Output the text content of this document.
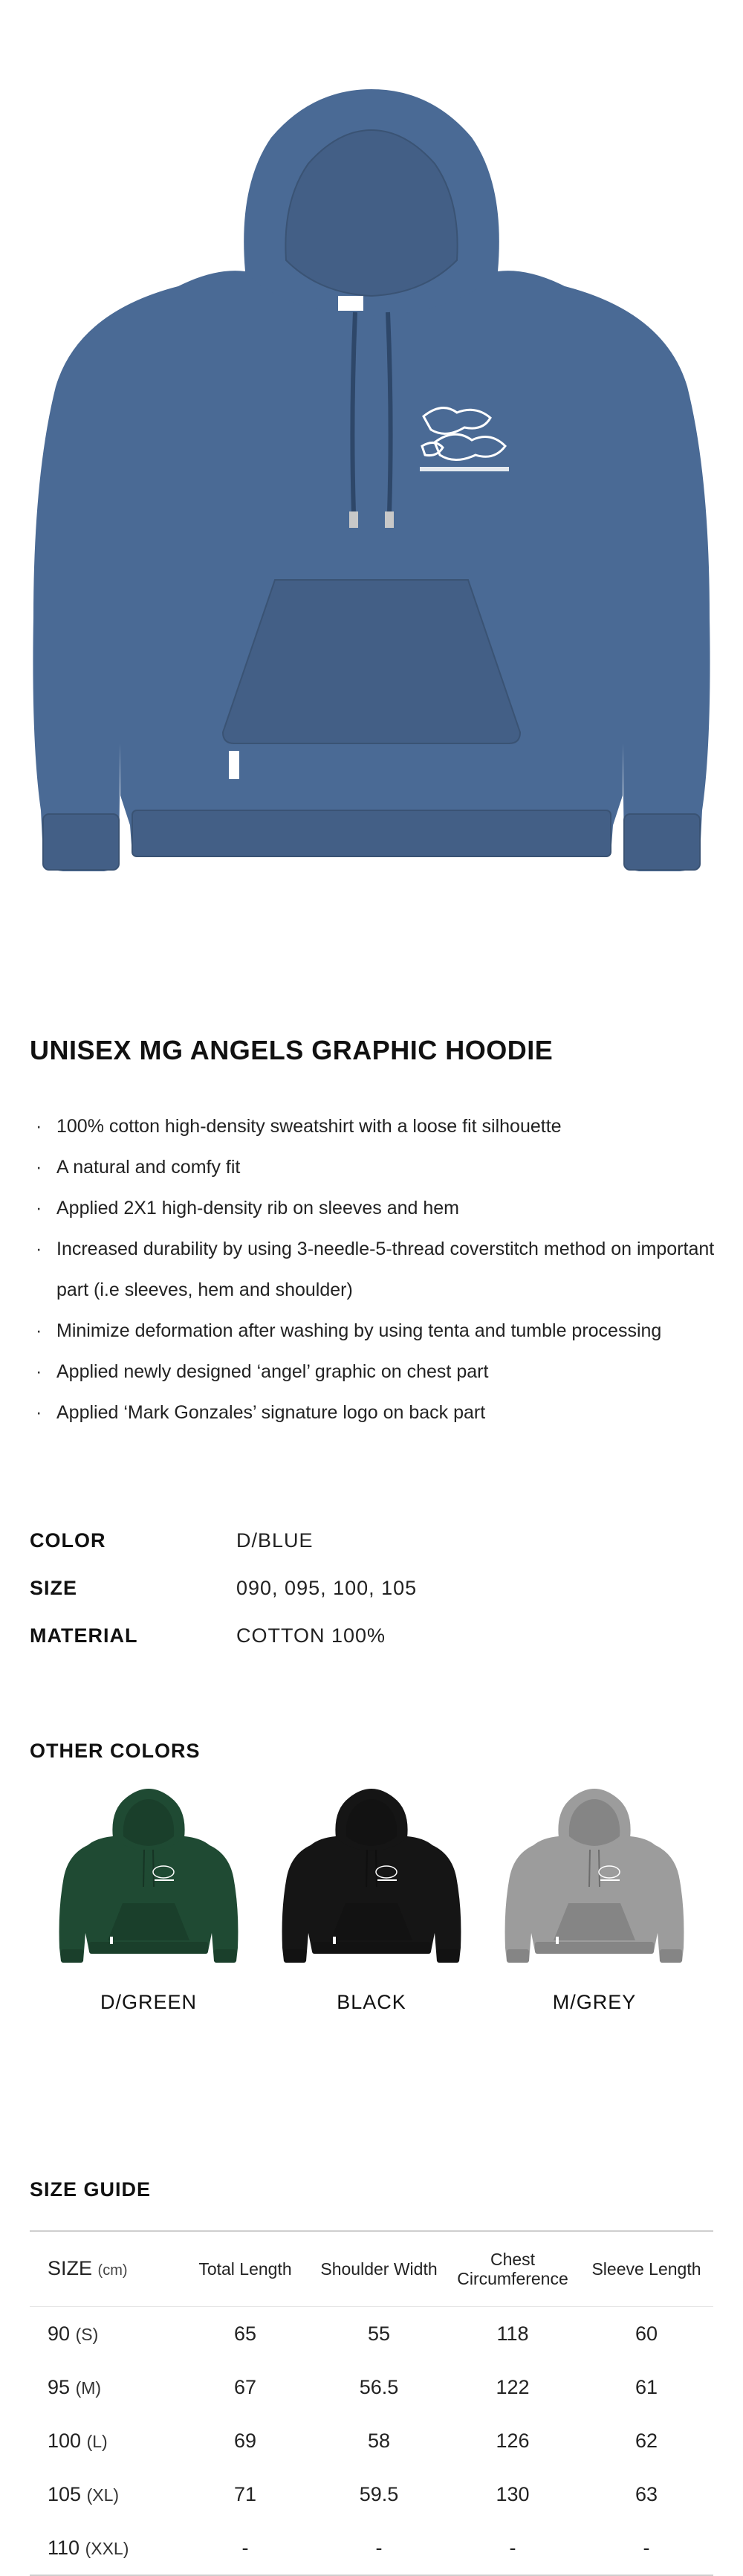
UNISEX MG ANGELS GRAPHIC HOODIE
· 100% cotton high-density sweatshirt with a loose fit silhouette
· A natural and comfy fit
· Applied 2X1 high-density rib on sleeves and hem
· Increased durability by using 3-needle-5-thread coverstitch method on important part (i.e sleeves, hem and shoulder)
· Minimize deformation after washing by using tenta and tumble processing
· Applied newly designed ‘angel’ graphic on chest part
· Applied ‘Mark Gonzales’ signature logo on back part
COLOR	D/BLUE
SIZE	090, 095, 100, 105
MATERIAL	COTTON 100%
OTHER COLORS
D/GREEN	BLACK	M/GREY
SIZE GUIDE
SIZE (cm)	Total Length	Shoulder Width	Chest Circumference	Sleeve Length
90 (S)	65	55	118	60
95 (M)	67	56.5	122	61
100 (L)	69	58	126	62
105 (XL)	71	59.5	130	63
110 (XXL)	-	-	-	-
